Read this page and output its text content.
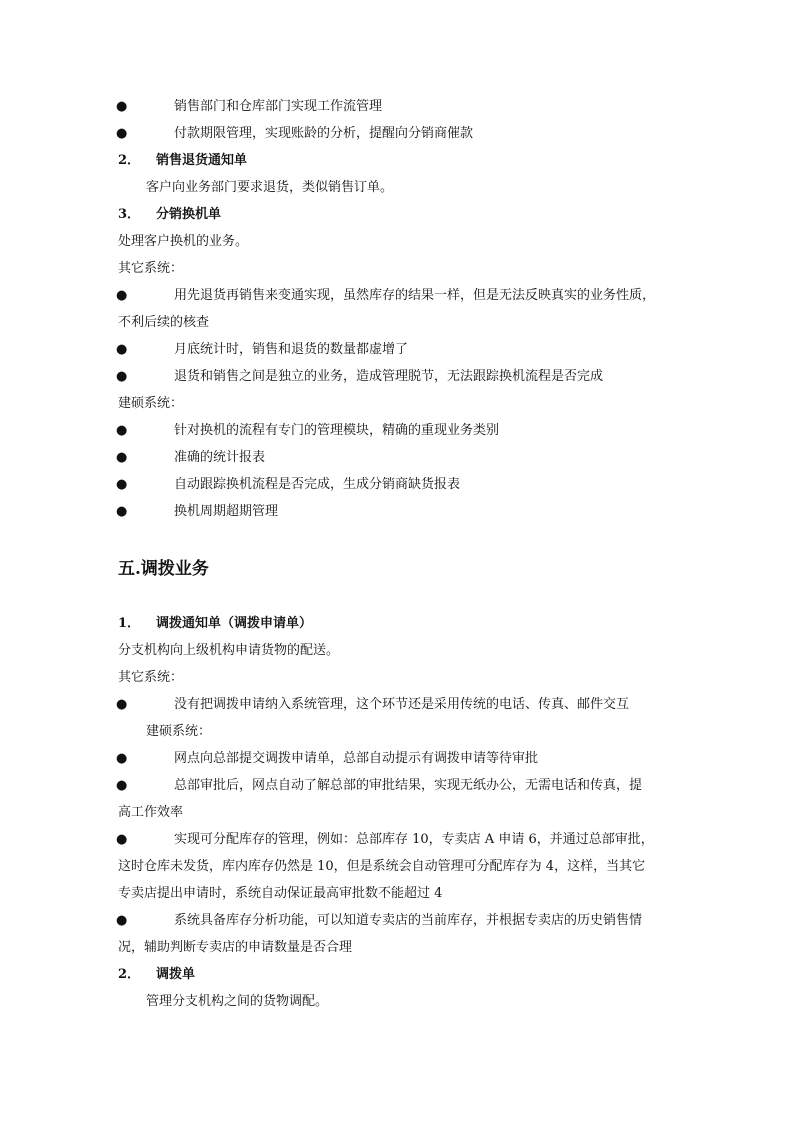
●	销售部门和仓库部门实现工作流管理
●	付款期限管理，实现账龄的分析，提醒向分销商催款
2． 销售退货通知单
客户向业务部门要求退货，类似销售订单。
3． 分销换机单
处理客户换机的业务。
其它系统：
●	用先退货再销售来变通实现，虽然库存的结果一样，但是无法反映真实的业务性质，
不利后续的核查
●	月底统计时，销售和退货的数量都虚增了
●	退货和销售之间是独立的业务，造成管理脱节，无法跟踪换机流程是否完成
建硕系统：
●	针对换机的流程有专门的管理模块，精确的重现业务类别
●	准确的统计报表
●	自动跟踪换机流程是否完成，生成分销商缺货报表
●	换机周期超期管理
五.调拨业务
1． 调拨通知单（调拨申请单）
分支机构向上级机构申请货物的配送。
其它系统：
●	没有把调拨申请纳入系统管理，这个环节还是采用传统的电话、传真、邮件交互
建硕系统：
●	网点向总部提交调拨申请单，总部自动提示有调拨申请等待审批
●	总部审批后，网点自动了解总部的审批结果，实现无纸办公，无需电话和传真，提
高工作效率
●	实现可分配库存的管理，例如：总部库存 10，专卖店 A 申请 6，并通过总部审批，
这时仓库未发货，库内库存仍然是 10，但是系统会自动管理可分配库存为 4，这样，当其它
专卖店提出申请时，系统自动保证最高审批数不能超过 4
●	系统具备库存分析功能，可以知道专卖店的当前库存，并根据专卖店的历史销售情
况，辅助判断专卖店的申请数量是否合理
2． 调拨单
管理分支机构之间的货物调配。
